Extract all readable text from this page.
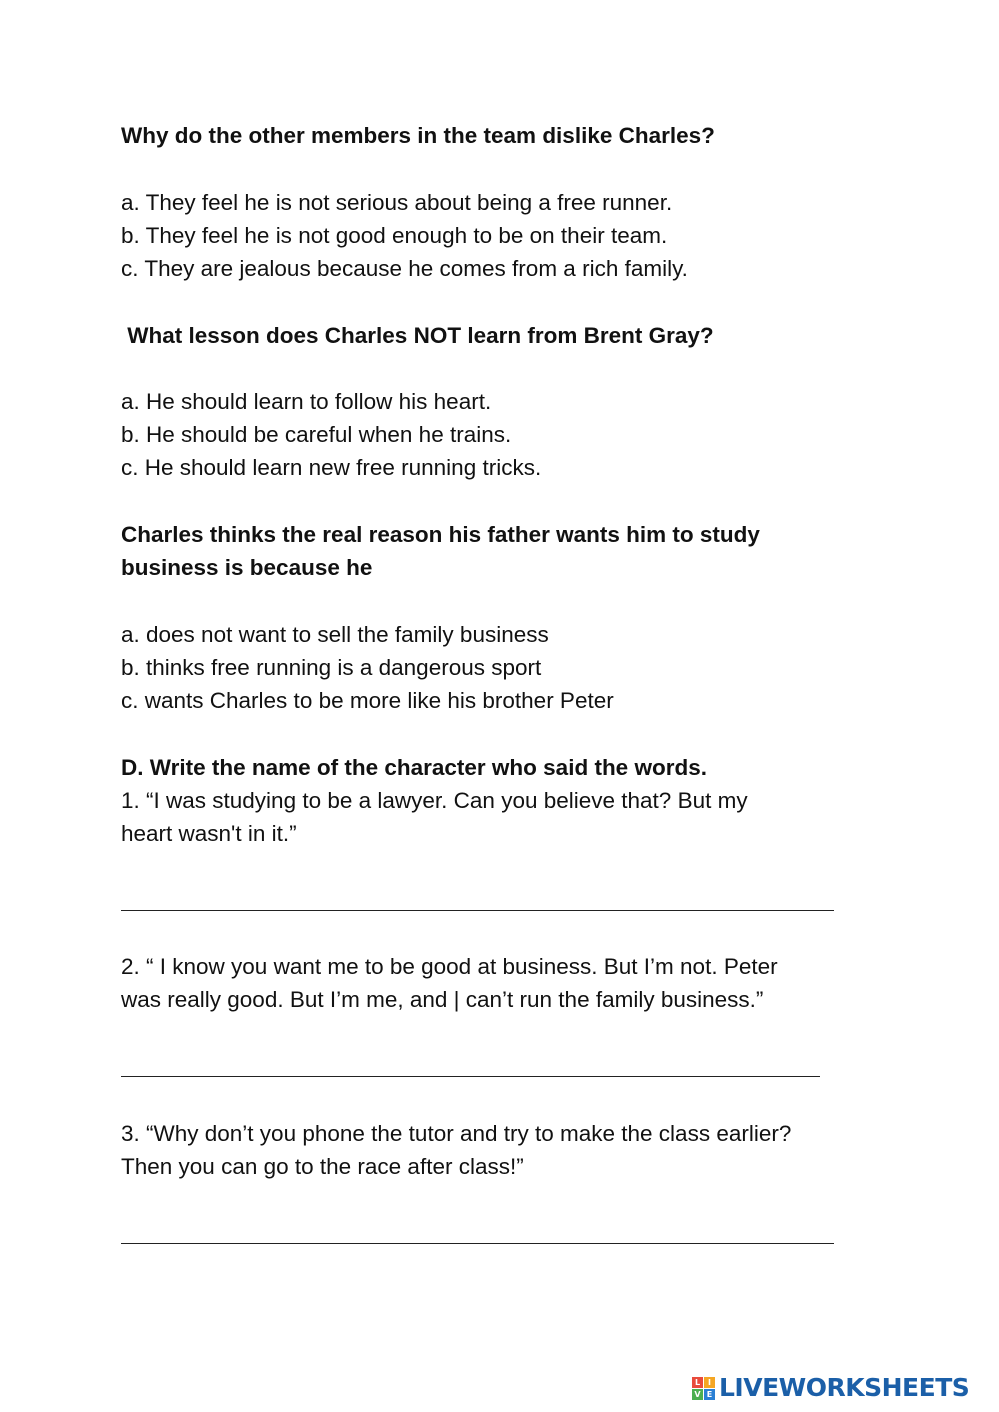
Why do the other members in the team dislike Charles?
a. They feel he is not serious about being a free runner.
b. They feel he is not good enough to be on their team.
c. They are jealous because he comes from a rich family.
What lesson does Charles NOT learn from Brent Gray?
a. He should learn to follow his heart.
b. He should be careful when he trains.
c. He should learn new free running tricks.
Charles thinks the real reason his father wants him to study
business is because he
a. does not want to sell the family business
b. thinks free running is a dangerous sport
c. wants Charles to be more like his brother Peter
D. Write the name of the character who said the words.
1. “I was studying to be a lawyer. Can you believe that? But my
heart wasn't in it.”
2. “ I know you want me to be good at business. But I’m not. Peter
was really good. But I’m me, and | can’t run the family business.”
3. “Why don’t you phone the tutor and try to make the class earlier?
Then you can go to the race after class!”
L I
V E LIVEWORKSHEETS
